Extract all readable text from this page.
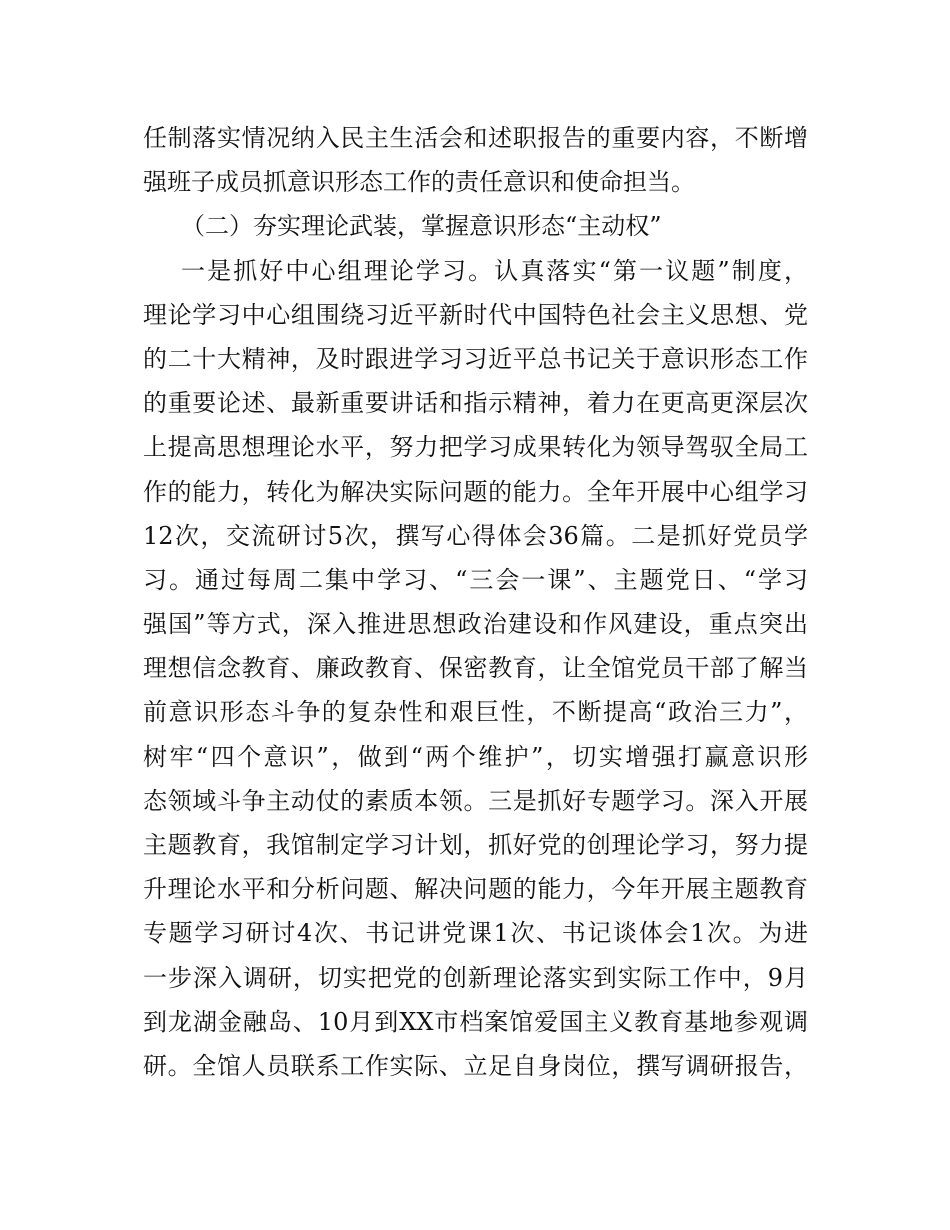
任制落实情况纳入民主生活会和述职报告的重要内容，不断增
强班子成员抓意识形态工作的责任意识和使命担当。
（二）夯实理论武装，掌握意识形态“主动权”
一是抓好中心组理论学习。认真落实“第一议题”制度，
理论学习中心组围绕习近平新时代中国特色社会主义思想、党
的二十大精神，及时跟进学习习近平总书记关于意识形态工作
的重要论述、最新重要讲话和指示精神，着力在更高更深层次
上提高思想理论水平，努力把学习成果转化为领导驾驭全局工
作的能力，转化为解决实际问题的能力。全年开展中心组学习
12次，交流研讨5次，撰写心得体会36篇。二是抓好党员学
习。通过每周二集中学习、“三会一课”、主题党日、“学习
强国”等方式，深入推进思想政治建设和作风建设，重点突出
理想信念教育、廉政教育、保密教育，让全馆党员干部了解当
前意识形态斗争的复杂性和艰巨性，不断提高“政治三力”，
树牢“四个意识”，做到“两个维护”，切实增强打赢意识形
态领域斗争主动仗的素质本领。三是抓好专题学习。深入开展
主题教育，我馆制定学习计划，抓好党的创理论学习，努力提
升理论水平和分析问题、解决问题的能力，今年开展主题教育
专题学习研讨4次、书记讲党课1次、书记谈体会1次。为进
一步深入调研，切实把党的创新理论落实到实际工作中，9月
到龙湖金融岛、10月到XX市档案馆爱国主义教育基地参观调
研。全馆人员联系工作实际、立足自身岗位，撰写调研报告，
